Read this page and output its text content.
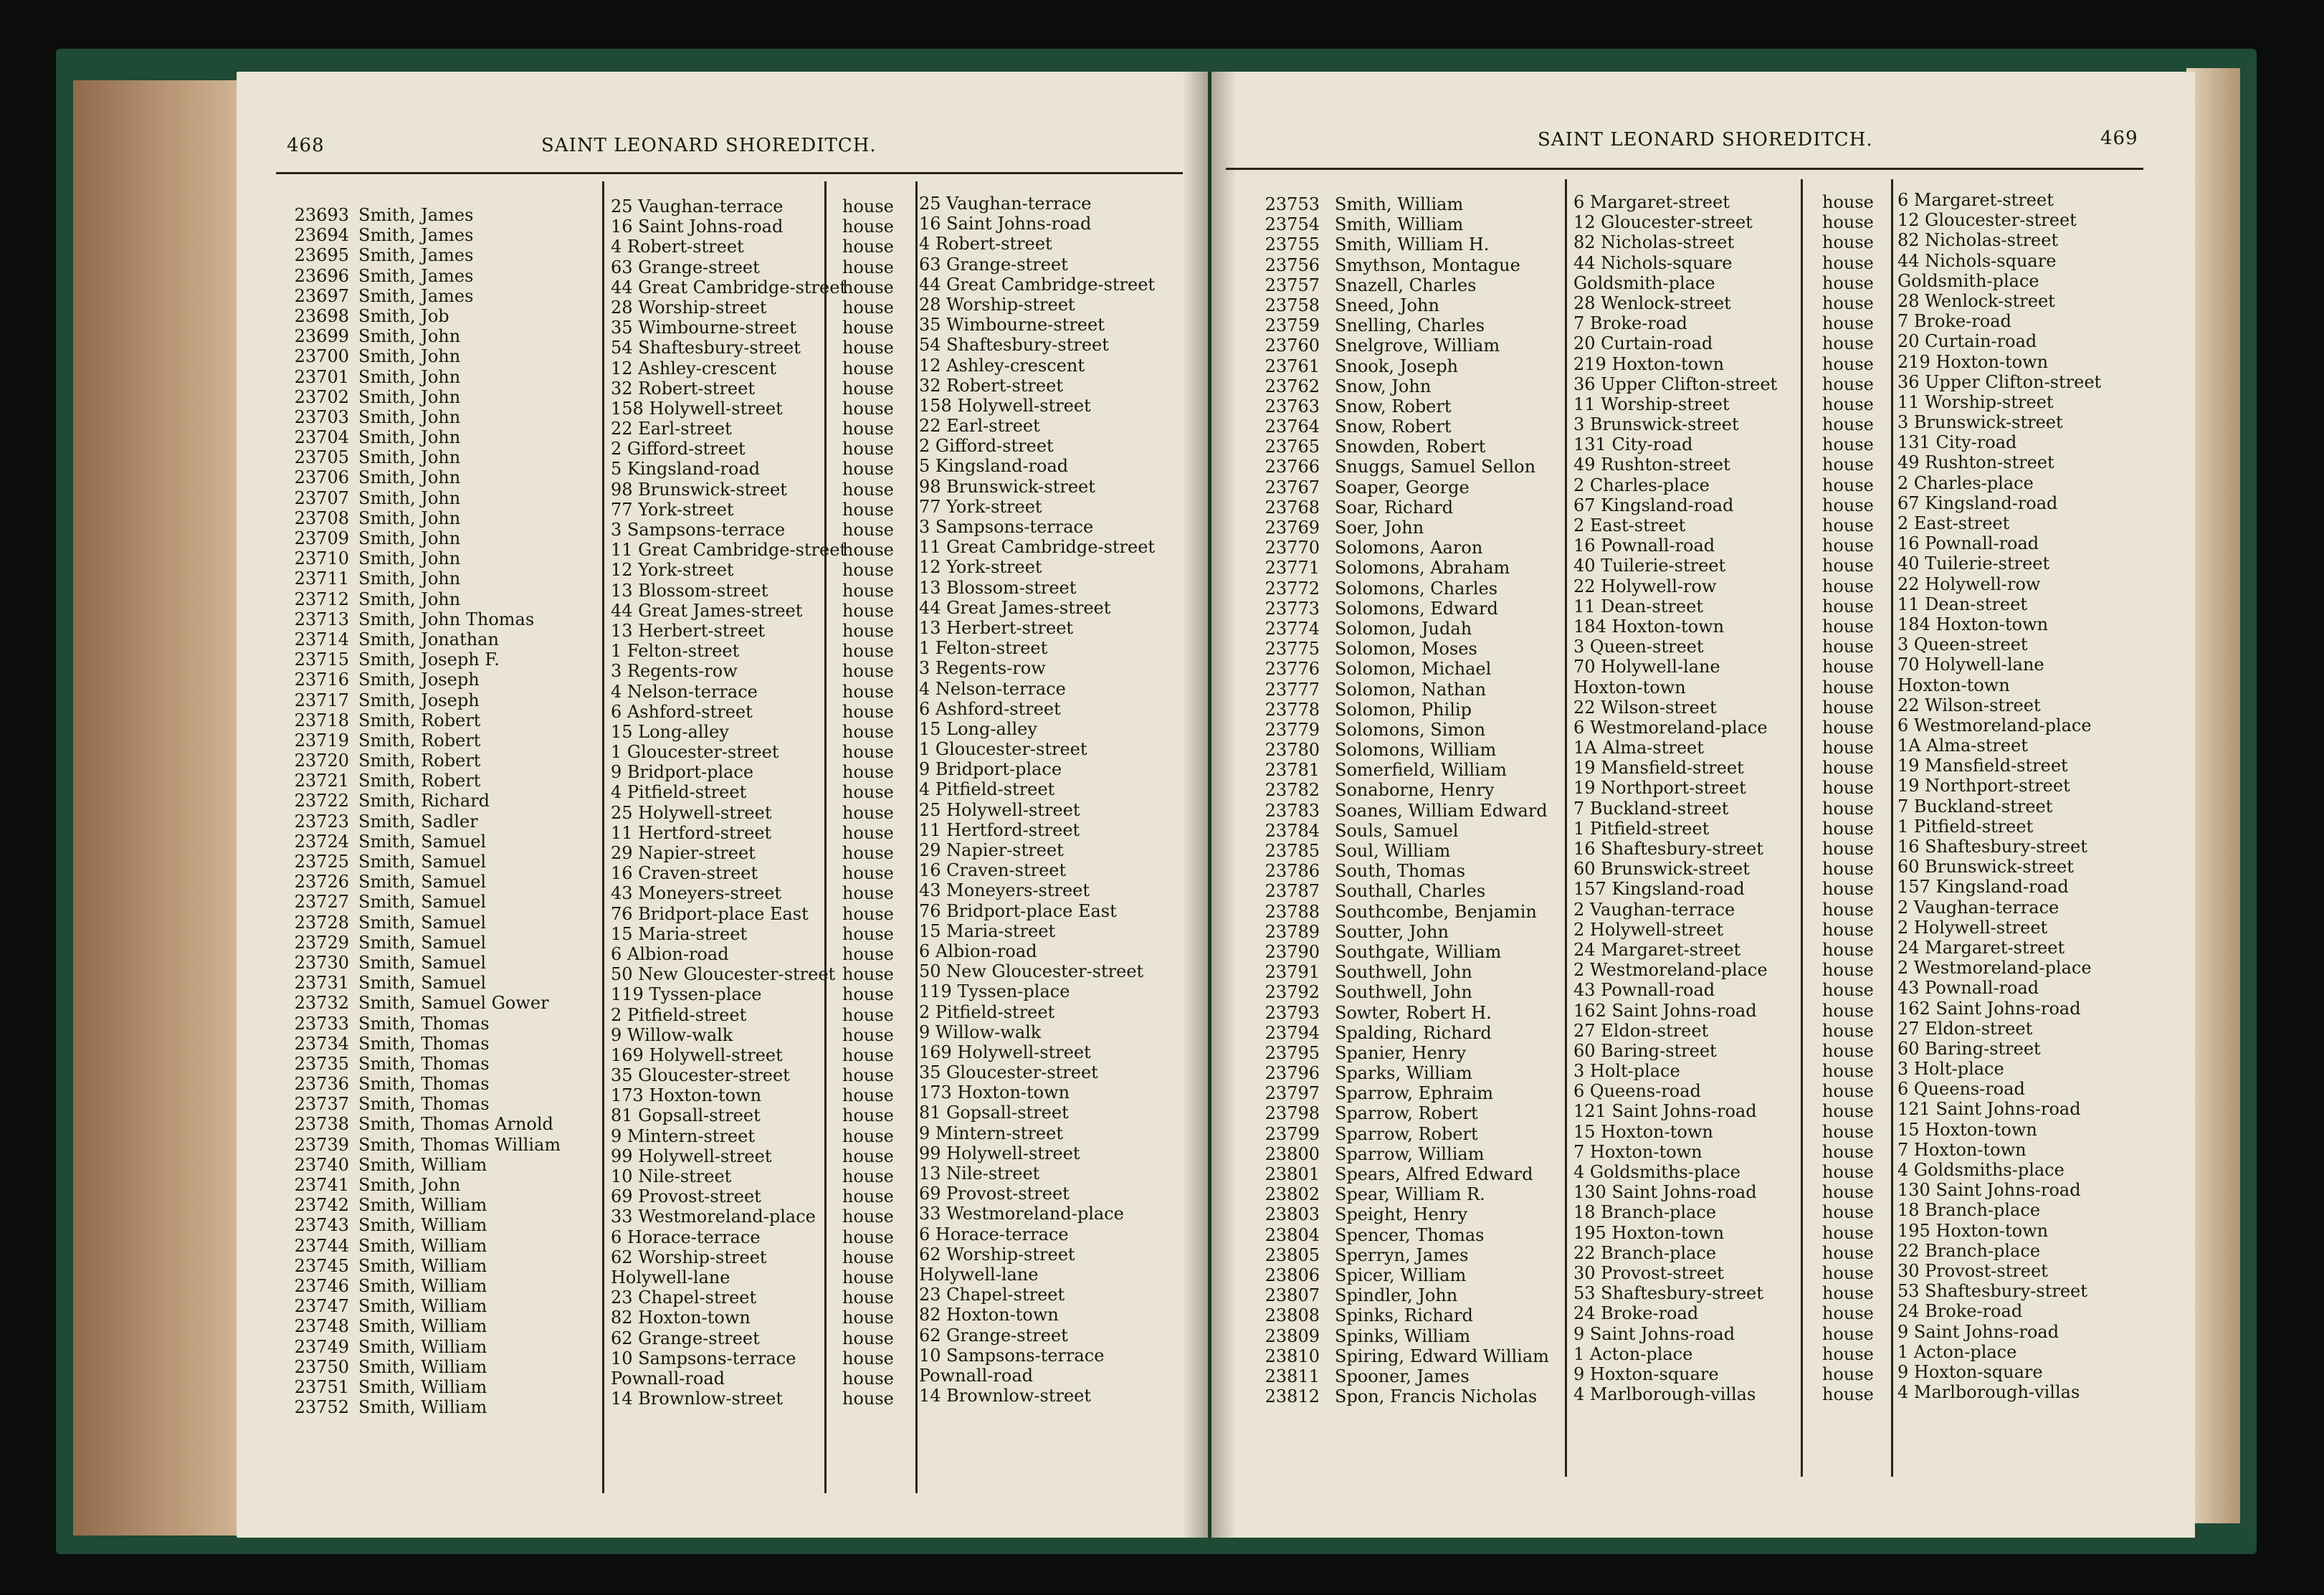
468	SAINT LEONARD SHOREDITCH.
23693
23694
23695
23696
23697
23698
23699
23700
23701
23702
23703
23704
23705
23706
23707
23708
23709
23710
23711
23712
23713
23714
23715
23716
23717
23718
23719
23720
23721
23722
23723
23724
23725
23726
23727
23728
23729
23730
23731
23732
23733
23734
23735
23736
23737
23738
23739
23740
23741
23742
23743
23744
23745
23746
23747
23748
23749
23750
23751
23752
Smith, James
Smith, James
Smith, James
Smith, James
Smith, James
Smith, Job
Smith, John
Smith, John
Smith, John
Smith, John
Smith, John
Smith, John
Smith, John
Smith, John
Smith, John
Smith, John
Smith, John
Smith, John
Smith, John
Smith, John
Smith, John Thomas
Smith, Jonathan
Smith, Joseph F.
Smith, Joseph
Smith, Joseph
Smith, Robert
Smith, Robert
Smith, Robert
Smith, Robert
Smith, Richard
Smith, Sadler
Smith, Samuel
Smith, Samuel
Smith, Samuel
Smith, Samuel
Smith, Samuel
Smith, Samuel
Smith, Samuel
Smith, Samuel
Smith, Samuel Gower
Smith, Thomas
Smith, Thomas
Smith, Thomas
Smith, Thomas
Smith, Thomas
Smith, Thomas Arnold
Smith, Thomas William
Smith, William
Smith, John
Smith, William
Smith, William
Smith, William
Smith, William
Smith, William
Smith, William
Smith, William
Smith, William
Smith, William
Smith, William
Smith, William
25 Vaughan-terrace
16 Saint Johns-road
4 Robert-street
63 Grange-street
44 Great Cambridge-street
28 Worship-street
35 Wimbourne-street
54 Shaftesbury-street
12 Ashley-crescent
32 Robert-street
158 Holywell-street
22 Earl-street
2 Gifford-street
5 Kingsland-road
98 Brunswick-street
77 York-street
3 Sampsons-terrace
11 Great Cambridge-street
12 York-street
13 Blossom-street
44 Great James-street
13 Herbert-street
1 Felton-street
3 Regents-row
4 Nelson-terrace
6 Ashford-street
15 Long-alley
1 Gloucester-street
9 Bridport-place
4 Pitfield-street
25 Holywell-street
11 Hertford-street
29 Napier-street
16 Craven-street
43 Moneyers-street
76 Bridport-place East
15 Maria-street
6 Albion-road
50 New Gloucester-street
119 Tyssen-place
2 Pitfield-street
9 Willow-walk
169 Holywell-street
35 Gloucester-street
173 Hoxton-town
81 Gopsall-street
9 Mintern-street
99 Holywell-street
10 Nile-street
69 Provost-street
33 Westmoreland-place
6 Horace-terrace
62 Worship-street
Holywell-lane
23 Chapel-street
82 Hoxton-town
62 Grange-street
10 Sampsons-terrace
Pownall-road
14 Brownlow-street
house
house
house
house
house
house
house
house
house
house
house
house
house
house
house
house
house
house
house
house
house
house
house
house
house
house
house
house
house
house
house
house
house
house
house
house
house
house
house
house
house
house
house
house
house
house
house
house
house
house
house
house
house
house
house
house
house
house
house
house
25 Vaughan-terrace
16 Saint Johns-road
4 Robert-street
63 Grange-street
44 Great Cambridge-street
28 Worship-street
35 Wimbourne-street
54 Shaftesbury-street
12 Ashley-crescent
32 Robert-street
158 Holywell-street
22 Earl-street
2 Gifford-street
5 Kingsland-road
98 Brunswick-street
77 York-street
3 Sampsons-terrace
11 Great Cambridge-street
12 York-street
13 Blossom-street
44 Great James-street
13 Herbert-street
1 Felton-street
3 Regents-row
4 Nelson-terrace
6 Ashford-street
15 Long-alley
1 Gloucester-street
9 Bridport-place
4 Pitfield-street
25 Holywell-street
11 Hertford-street
29 Napier-street
16 Craven-street
43 Moneyers-street
76 Bridport-place East
15 Maria-street
6 Albion-road
50 New Gloucester-street
119 Tyssen-place
2 Pitfield-street
9 Willow-walk
169 Holywell-street
35 Gloucester-street
173 Hoxton-town
81 Gopsall-street
9 Mintern-street
99 Holywell-street
13 Nile-street
69 Provost-street
33 Westmoreland-place
6 Horace-terrace
62 Worship-street
Holywell-lane
23 Chapel-street
82 Hoxton-town
62 Grange-street
10 Sampsons-terrace
Pownall-road
14 Brownlow-street
SAINT LEONARD SHOREDITCH.	469
23753
23754
23755
23756
23757
23758
23759
23760
23761
23762
23763
23764
23765
23766
23767
23768
23769
23770
23771
23772
23773
23774
23775
23776
23777
23778
23779
23780
23781
23782
23783
23784
23785
23786
23787
23788
23789
23790
23791
23792
23793
23794
23795
23796
23797
23798
23799
23800
23801
23802
23803
23804
23805
23806
23807
23808
23809
23810
23811
23812
Smith, William
Smith, William
Smith, William H.
Smythson, Montague
Snazell, Charles
Sneed, John
Snelling, Charles
Snelgrove, William
Snook, Joseph
Snow, John
Snow, Robert
Snow, Robert
Snowden, Robert
Snuggs, Samuel Sellon
Soaper, George
Soar, Richard
Soer, John
Solomons, Aaron
Solomons, Abraham
Solomons, Charles
Solomons, Edward
Solomon, Judah
Solomon, Moses
Solomon, Michael
Solomon, Nathan
Solomon, Philip
Solomons, Simon
Solomons, William
Somerfield, William
Sonaborne, Henry
Soanes, William Edward
Souls, Samuel
Soul, William
South, Thomas
Southall, Charles
Southcombe, Benjamin
Soutter, John
Southgate, William
Southwell, John
Southwell, John
Sowter, Robert H.
Spalding, Richard
Spanier, Henry
Sparks, William
Sparrow, Ephraim
Sparrow, Robert
Sparrow, Robert
Sparrow, William
Spears, Alfred Edward
Spear, William R.
Speight, Henry
Spencer, Thomas
Sperryn, James
Spicer, William
Spindler, John
Spinks, Richard
Spinks, William
Spiring, Edward William
Spooner, James
Spon, Francis Nicholas
6 Margaret-street
12 Gloucester-street
82 Nicholas-street
44 Nichols-square
Goldsmith-place
28 Wenlock-street
7 Broke-road
20 Curtain-road
219 Hoxton-town
36 Upper Clifton-street
11 Worship-street
3 Brunswick-street
131 City-road
49 Rushton-street
2 Charles-place
67 Kingsland-road
2 East-street
16 Pownall-road
40 Tuilerie-street
22 Holywell-row
11 Dean-street
184 Hoxton-town
3 Queen-street
70 Holywell-lane
Hoxton-town
22 Wilson-street
6 Westmoreland-place
1A Alma-street
19 Mansfield-street
19 Northport-street
7 Buckland-street
1 Pitfield-street
16 Shaftesbury-street
60 Brunswick-street
157 Kingsland-road
2 Vaughan-terrace
2 Holywell-street
24 Margaret-street
2 Westmoreland-place
43 Pownall-road
162 Saint Johns-road
27 Eldon-street
60 Baring-street
3 Holt-place
6 Queens-road
121 Saint Johns-road
15 Hoxton-town
7 Hoxton-town
4 Goldsmiths-place
130 Saint Johns-road
18 Branch-place
195 Hoxton-town
22 Branch-place
30 Provost-street
53 Shaftesbury-street
24 Broke-road
9 Saint Johns-road
1 Acton-place
9 Hoxton-square
4 Marlborough-villas
house
house
house
house
house
house
house
house
house
house
house
house
house
house
house
house
house
house
house
house
house
house
house
house
house
house
house
house
house
house
house
house
house
house
house
house
house
house
house
house
house
house
house
house
house
house
house
house
house
house
house
house
house
house
house
house
house
house
house
house
6 Margaret-street
12 Gloucester-street
82 Nicholas-street
44 Nichols-square
Goldsmith-place
28 Wenlock-street
7 Broke-road
20 Curtain-road
219 Hoxton-town
36 Upper Clifton-street
11 Worship-street
3 Brunswick-street
131 City-road
49 Rushton-street
2 Charles-place
67 Kingsland-road
2 East-street
16 Pownall-road
40 Tuilerie-street
22 Holywell-row
11 Dean-street
184 Hoxton-town
3 Queen-street
70 Holywell-lane
Hoxton-town
22 Wilson-street
6 Westmoreland-place
1A Alma-street
19 Mansfield-street
19 Northport-street
7 Buckland-street
1 Pitfield-street
16 Shaftesbury-street
60 Brunswick-street
157 Kingsland-road
2 Vaughan-terrace
2 Holywell-street
24 Margaret-street
2 Westmoreland-place
43 Pownall-road
162 Saint Johns-road
27 Eldon-street
60 Baring-street
3 Holt-place
6 Queens-road
121 Saint Johns-road
15 Hoxton-town
7 Hoxton-town
4 Goldsmiths-place
130 Saint Johns-road
18 Branch-place
195 Hoxton-town
22 Branch-place
30 Provost-street
53 Shaftesbury-street
24 Broke-road
9 Saint Johns-road
1 Acton-place
9 Hoxton-square
4 Marlborough-villas
